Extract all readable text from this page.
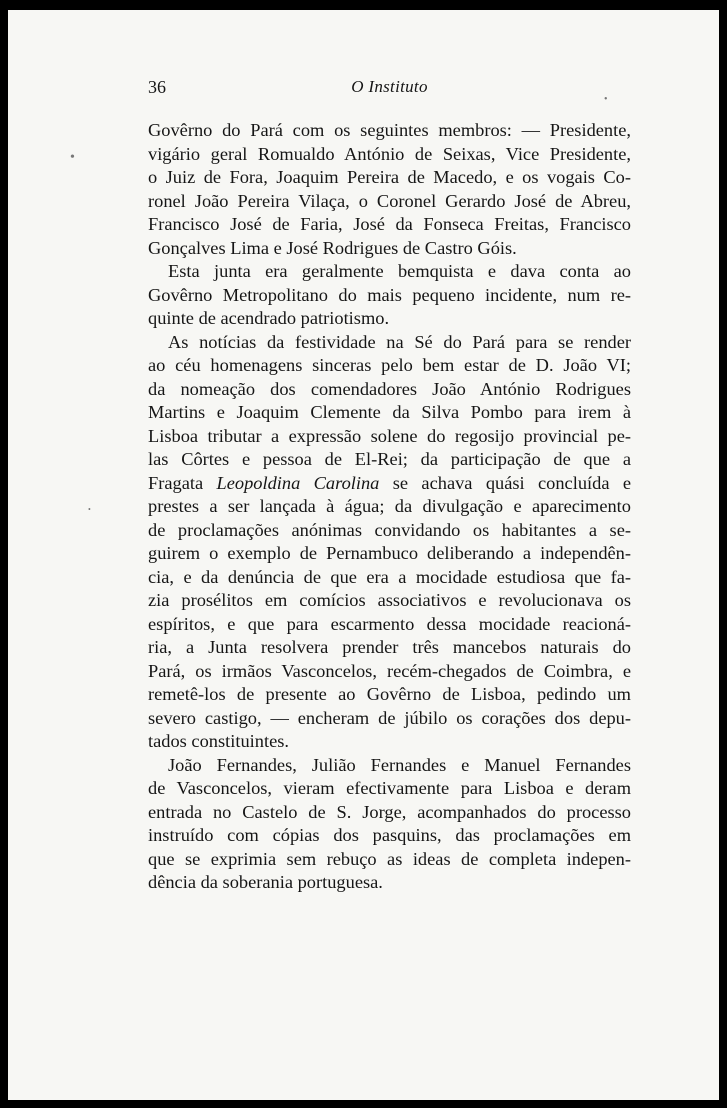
36	O Instituto

Govêrno do Pará com os seguintes membros: — Presidente,
vigário geral Romualdo António de Seixas, Vice Presidente,
o Juiz de Fora, Joaquim Pereira de Macedo, e os vogais Co-
ronel João Pereira Vilaça, o Coronel Gerardo José de Abreu,
Francisco José de Faria, José da Fonseca Freitas, Francisco
Gonçalves Lima e José Rodrigues de Castro Góis.

Esta junta era geralmente bemquista e dava conta ao
Govêrno Metropolitano do mais pequeno incidente, num re-
quinte de acendrado patriotismo.

As notícias da festividade na Sé do Pará para se render
ao céu homenagens sinceras pelo bem estar de D. João VI;
da nomeação dos comendadores João António Rodrigues
Martins e Joaquim Clemente da Silva Pombo para irem à
Lisboa tributar a expressão solene do regosijo provincial pe-
las Côrtes e pessoa de El-Rei; da participação de que a
Fragata Leopoldina Carolina se achava quási concluída e
prestes a ser lançada à água; da divulgação e aparecimento
de proclamações anónimas convidando os habitantes a se-
guirem o exemplo de Pernambuco deliberando a independên-
cia, e da denúncia de que era a mocidade estudiosa que fa-
zia prosélitos em comícios associativos e revolucionava os
espíritos, e que para escarmento dessa mocidade reacioná-
ria, a Junta resolvera prender três mancebos naturais do
Pará, os irmãos Vasconcelos, recém-chegados de Coimbra, e
remetê-los de presente ao Govêrno de Lisboa, pedindo um
severo castigo, — encheram de júbilo os corações dos depu-
tados constituintes.

João Fernandes, Julião Fernandes e Manuel Fernandes
de Vasconcelos, vieram efectivamente para Lisboa e deram
entrada no Castelo de S. Jorge, acompanhados do processo
instruído com cópias dos pasquins, das proclamações em
que se exprimia sem rebuço as ideas de completa indepen-
dência da soberania portuguesa.

•
•
•
